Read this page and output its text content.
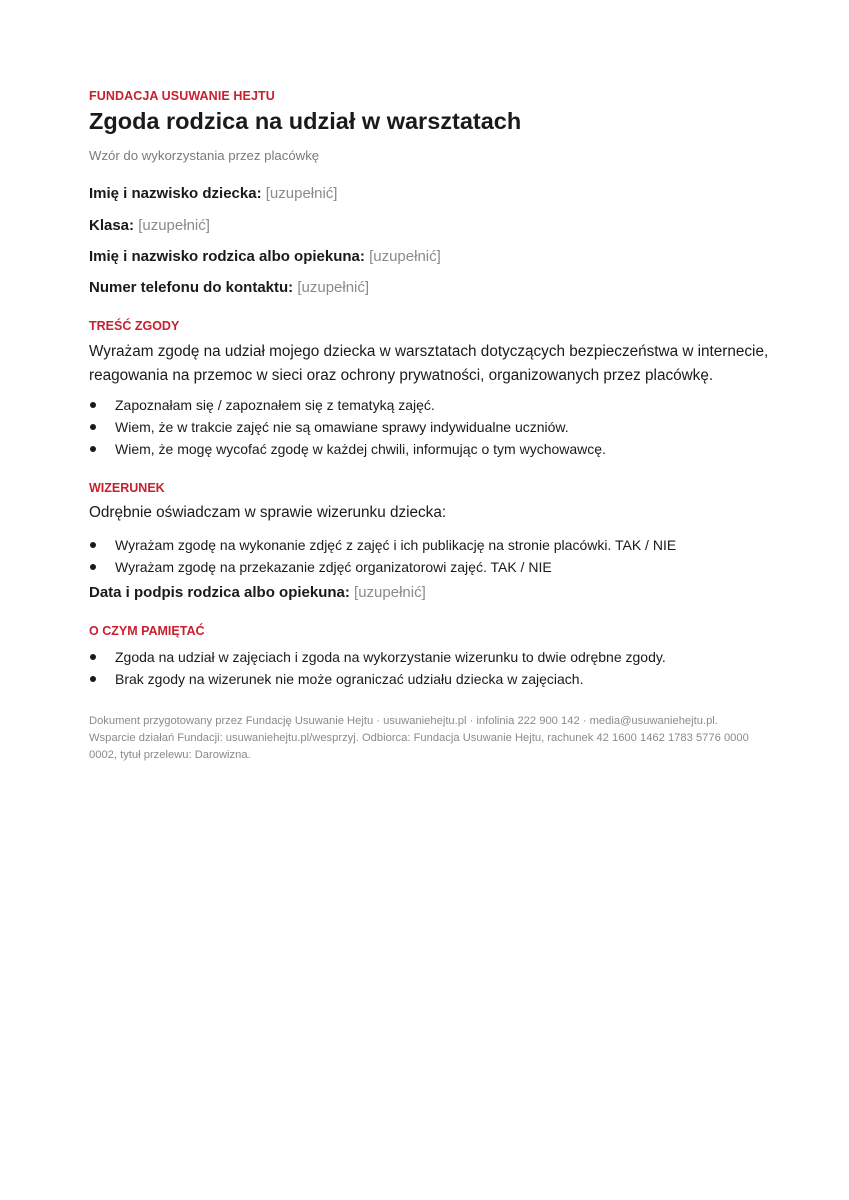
FUNDACJA USUWANIE HEJTU
Zgoda rodzica na udział w warsztatach
Wzór do wykorzystania przez placówkę
Imię i nazwisko dziecka: [uzupełnić]
Klasa: [uzupełnić]
Imię i nazwisko rodzica albo opiekuna: [uzupełnić]
Numer telefonu do kontaktu: [uzupełnić]
TREŚĆ ZGODY
Wyrażam zgodę na udział mojego dziecka w warsztatach dotyczących bezpieczeństwa w internecie, reagowania na przemoc w sieci oraz ochrony prywatności, organizowanych przez placówkę.
Zapoznałam się / zapoznałem się z tematyką zajęć.
Wiem, że w trakcie zajęć nie są omawiane sprawy indywidualne uczniów.
Wiem, że mogę wycofać zgodę w każdej chwili, informując o tym wychowawcę.
WIZERUNEK
Odrębnie oświadczam w sprawie wizerunku dziecka:
Wyrażam zgodę na wykonanie zdjęć z zajęć i ich publikację na stronie placówki. TAK / NIE
Wyrażam zgodę na przekazanie zdjęć organizatorowi zajęć. TAK / NIE
Data i podpis rodzica albo opiekuna: [uzupełnić]
O CZYM PAMIĘTAĆ
Zgoda na udział w zajęciach i zgoda na wykorzystanie wizerunku to dwie odrębne zgody.
Brak zgody na wizerunek nie może ograniczać udziału dziecka w zajęciach.
Dokument przygotowany przez Fundację Usuwanie Hejtu · usuwaniehejtu.pl · infolinia 222 900 142 · media@usuwaniehejtu.pl. Wsparcie działań Fundacji: usuwaniehejtu.pl/wesprzyj. Odbiorca: Fundacja Usuwanie Hejtu, rachunek 42 1600 1462 1783 5776 0000 0002, tytuł przelewu: Darowizna.
